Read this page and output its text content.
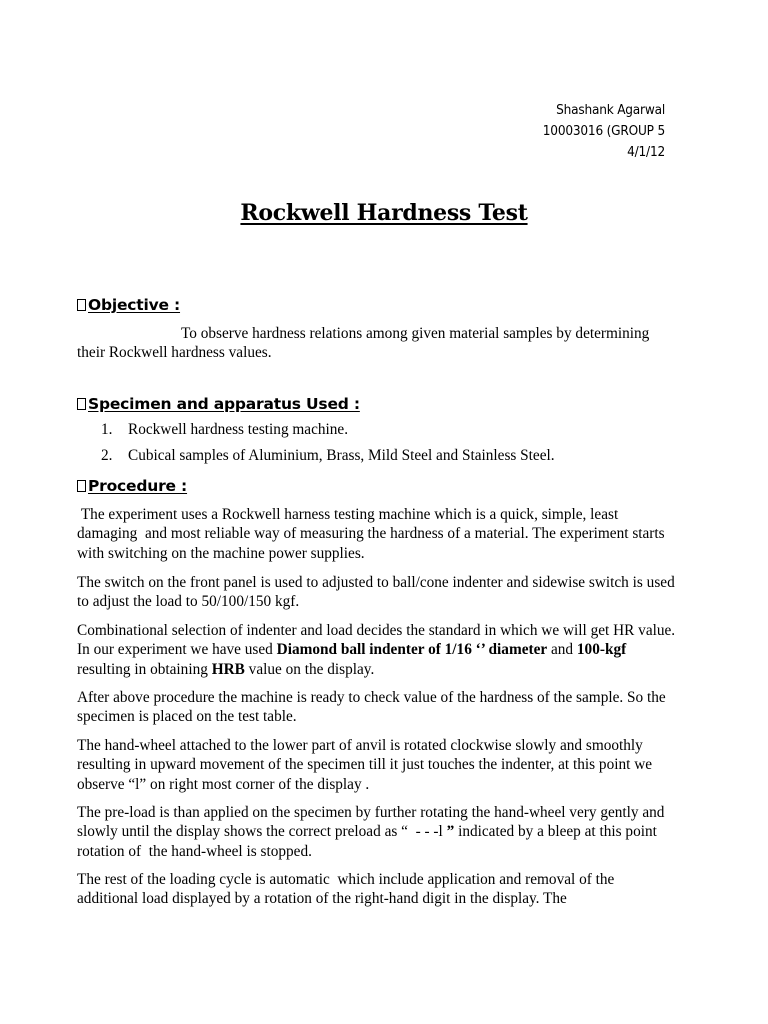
Shashank Agarwal
10003016 (GROUP 5
4/1/12
Rockwell Hardness Test
Objective :
To observe hardness relations among given material samples by determining their Rockwell hardness values.
Specimen and apparatus Used :
1. Rockwell hardness testing machine.
2. Cubical samples of Aluminium, Brass, Mild Steel and Stainless Steel.
Procedure :
The experiment uses a Rockwell harness testing machine which is a quick, simple, least damaging  and most reliable way of measuring the hardness of a material. The experiment starts with switching on the machine power supplies.
The switch on the front panel is used to adjusted to ball/cone indenter and sidewise switch is used to adjust the load to 50/100/150 kgf.
Combinational selection of indenter and load decides the standard in which we will get HR value. In our experiment we have used Diamond ball indenter of 1/16 ‘’ diameter and 100-kgf resulting in obtaining HRB value on the display.
After above procedure the machine is ready to check value of the hardness of the sample. So the specimen is placed on the test table.
The hand-wheel attached to the lower part of anvil is rotated clockwise slowly and smoothly resulting in upward movement of the specimen till it just touches the indenter, at this point we observe “l” on right most corner of the display .
The pre-load is than applied on the specimen by further rotating the hand-wheel very gently and slowly until the display shows the correct preload as “  - - -l ” indicated by a bleep at this point rotation of  the hand-wheel is stopped.
The rest of the loading cycle is automatic  which include application and removal of the additional load displayed by a rotation of the right-hand digit in the display. The
